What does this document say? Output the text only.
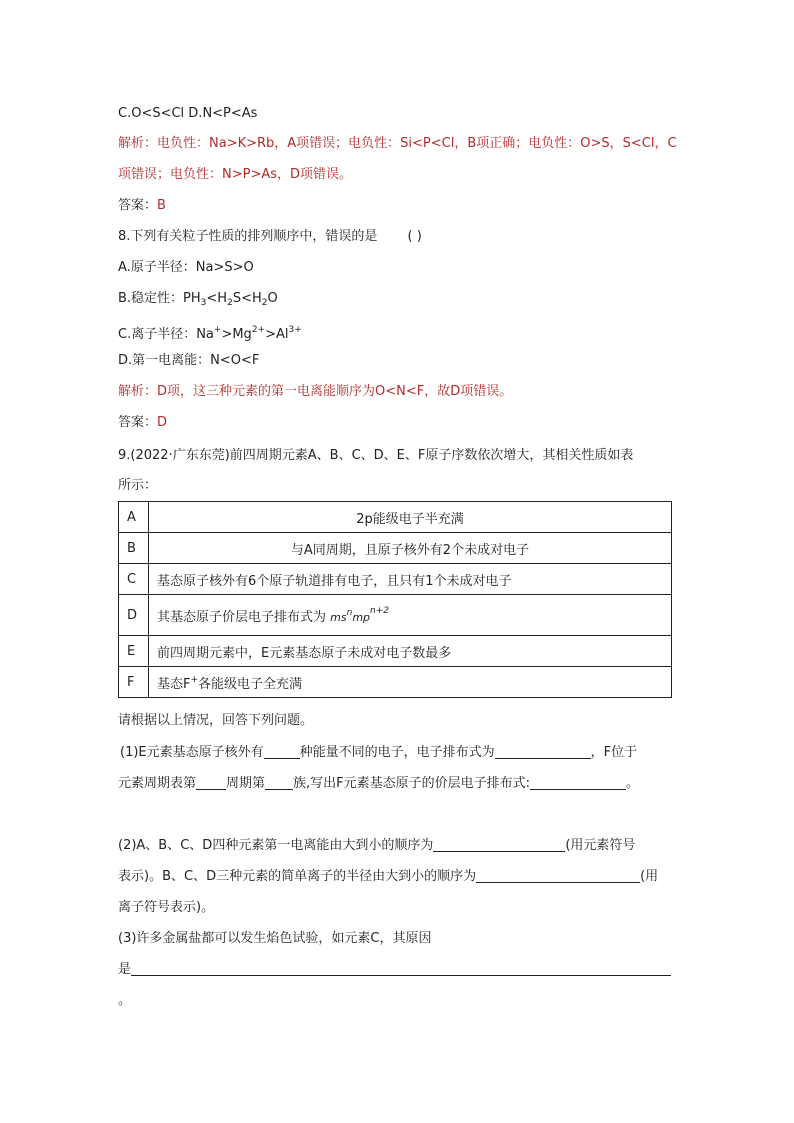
C.O<S<Cl D.N<P<As
解析：电负性：Na>K>Rb，A项错误；电负性：Si<P<Cl，B项正确；电负性：O>S，S<Cl，C
项错误；电负性：N>P>As，D项错误。
答案：B
8.下列有关粒子性质的排列顺序中，错误的是 ( )
A.原子半径：Na>S>O
B.稳定性：$PH_3<H_2S<H_2O$
C.离子半径：$Na^+>Mg^{2+}>Al^{3+}$
D.第一电离能：N<O<F
解析：D项，这三种元素的第一电离能顺序为O<N<F，故D项错误。
答案：D
9.(2022·广东东莞)前四周期元素A、B、C、D、E、F原子序数依次增大，其相关性质如表
所示：
A	2p能级电子半充满
B	与A同周期，且原子核外有2个未成对电子
C	基态原子核外有6个原子轨道排有电子，且只有1个未成对电子
D	其基态原子价层电子排布式为 $ms^nmp^{n+2}$
E	前四周期元素中，E元素基态原子未成对电子数最多
F	基态F+各能级电子全充满
请根据以上情况，回答下列问题。
(1)E元素基态原子核外有	种能量不同的电子，电子排布式为	，F位于
元素周期表第 周期第 族,写出F元素基态原子的价层电子排布式:	。
(2)A、B、C、D四种元素第一电离能由大到小的顺序为	(用元素符号
表示)。B、C、D三种元素的简单离子的半径由大到小的顺序为	(用
离子符号表示)。
(3)许多金属盐都可以发生焰色试验，如元素C，其原因
是
。
